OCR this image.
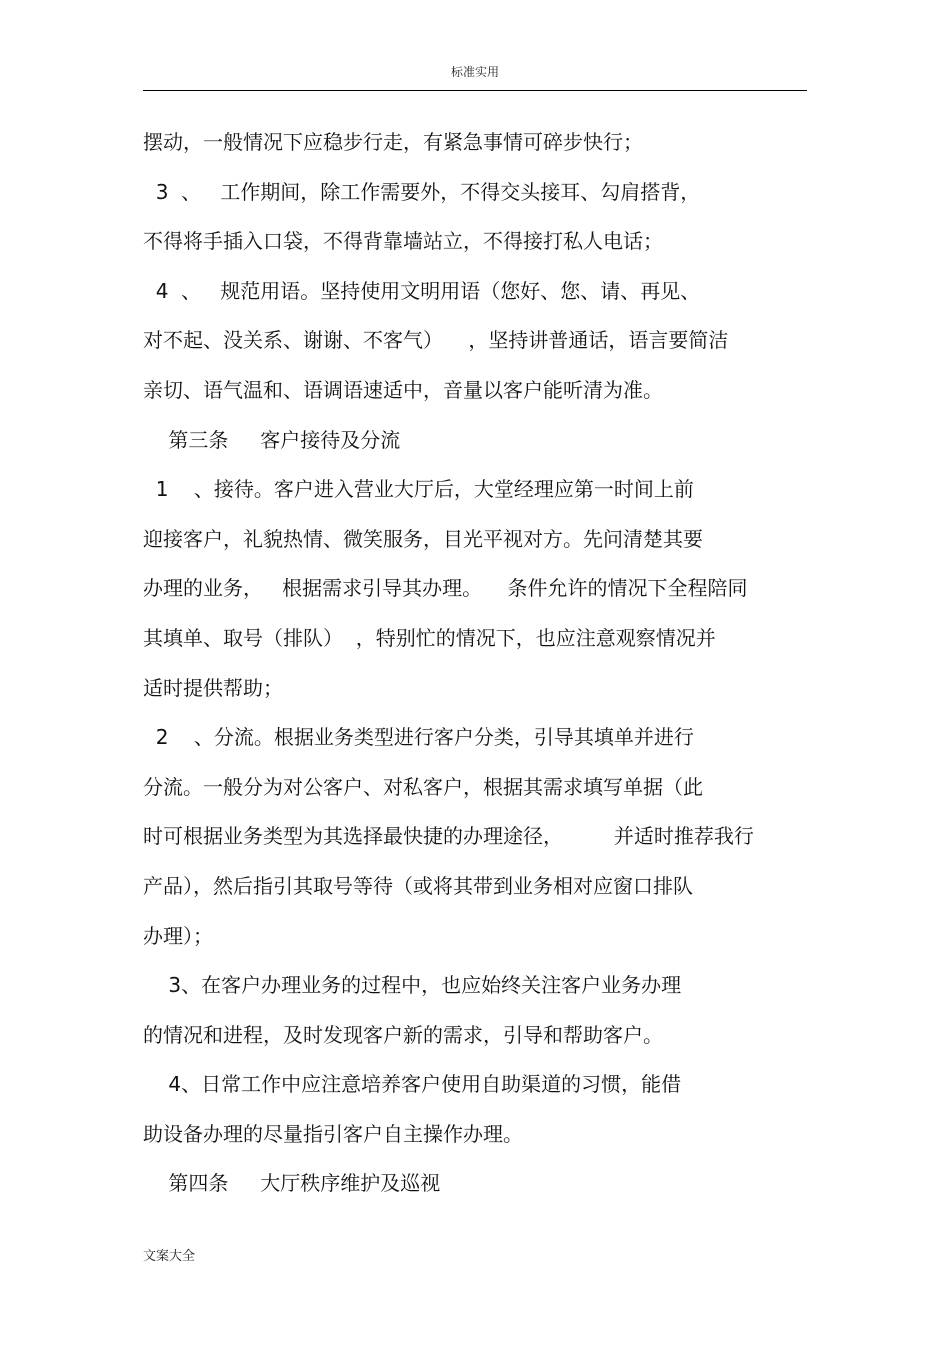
标准实用
摆动，一般情况下应稳步行走，有紧急事情可碎步快行；
3  、   工作期间，除工作需要外，不得交头接耳、勾肩搭背，
不得将手插入口袋，不得背靠墙站立，不得接打私人电话；
4  、   规范用语。坚持使用文明用语（您好、您、请、再见、
对不起、没关系、谢谢、不客气）    ，坚持讲普通话，语言要简洁
亲切、语气温和、语调语速适中，音量以客户能听清为准。
第三条     客户接待及分流
1    、接待。客户进入营业大厅后，大堂经理应第一时间上前
迎接客户，礼貌热情、微笑服务，目光平视对方。先问清楚其要
办理的业务，   根据需求引导其办理。    条件允许的情况下全程陪同
其填单、取号（排队）  ，特别忙的情况下，也应注意观察情况并
适时提供帮助；
2    、分流。根据业务类型进行客户分类，引导其填单并进行
分流。一般分为对公客户、对私客户，根据其需求填写单据（此
时可根据业务类型为其选择最快捷的办理途径，        并适时推荐我行
产品），然后指引其取号等待（或将其带到业务相对应窗口排队
办理）；
3、在客户办理业务的过程中，也应始终关注客户业务办理
的情况和进程，及时发现客户新的需求，引导和帮助客户。
4、日常工作中应注意培养客户使用自助渠道的习惯，能借
助设备办理的尽量指引客户自主操作办理。
第四条     大厅秩序维护及巡视
文案大全
